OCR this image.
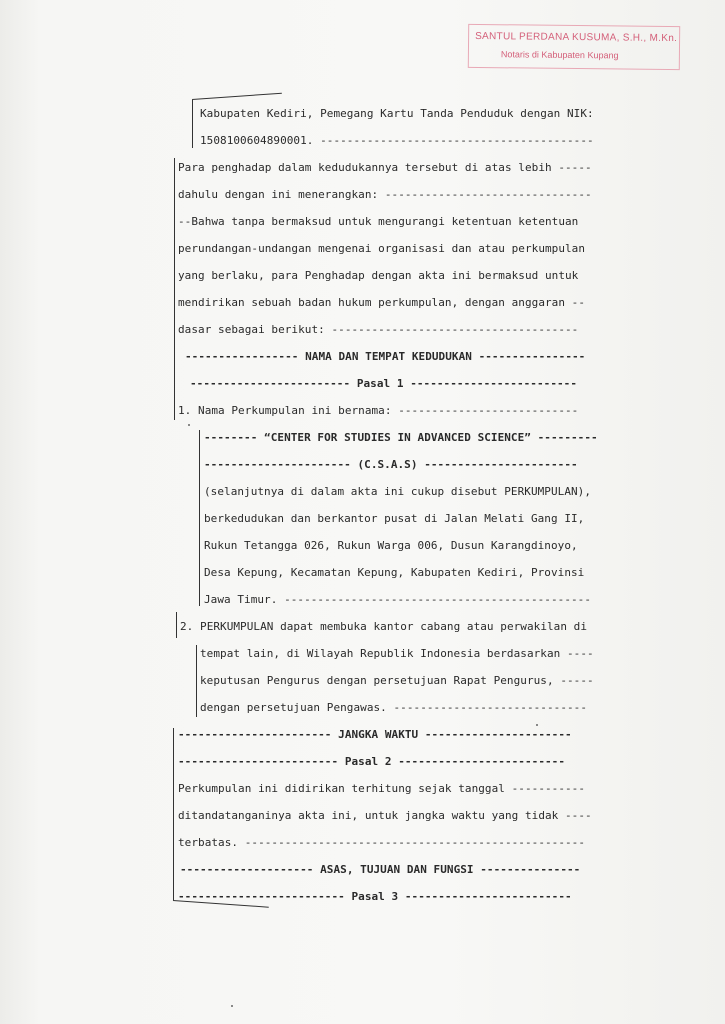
SANTUL PERDANA KUSUMA, S.H., M.Kn.
Notaris di Kabupaten Kupang
Kabupaten Kediri, Pemegang Kartu Tanda Penduduk dengan NIK:
1508100604890001. -----------------------------------------
Para penghadap dalam kedudukannya tersebut di atas lebih -----
dahulu dengan ini menerangkan: -------------------------------
--Bahwa tanpa bermaksud untuk mengurangi ketentuan ketentuan
perundangan-undangan mengenai organisasi dan atau perkumpulan
yang berlaku, para Penghadap dengan akta ini bermaksud untuk
mendirikan sebuah badan hukum perkumpulan, dengan anggaran --
dasar sebagai berikut: -------------------------------------
----------------- NAMA DAN TEMPAT KEDUDUKAN ----------------
------------------------ Pasal 1 -------------------------
1. Nama Perkumpulan ini bernama: ---------------------------
-------- “CENTER FOR STUDIES IN ADVANCED SCIENCE” ---------
---------------------- (C.S.A.S) -----------------------
(selanjutnya di dalam akta ini cukup disebut PERKUMPULAN),
berkedudukan dan berkantor pusat di Jalan Melati Gang II,
Rukun Tetangga 026, Rukun Warga 006, Dusun Karangdinoyo,
Desa Kepung, Kecamatan Kepung, Kabupaten Kediri, Provinsi
Jawa Timur. ----------------------------------------------
2. PERKUMPULAN dapat membuka kantor cabang atau perwakilan di
tempat lain, di Wilayah Republik Indonesia berdasarkan ----
keputusan Pengurus dengan persetujuan Rapat Pengurus, -----
dengan persetujuan Pengawas. -----------------------------
----------------------- JANGKA WAKTU ----------------------
------------------------ Pasal 2 -------------------------
Perkumpulan ini didirikan terhitung sejak tanggal -----------
ditandatanganinya akta ini, untuk jangka waktu yang tidak ----
terbatas. ---------------------------------------------------
-------------------- ASAS, TUJUAN DAN FUNGSI ---------------
------------------------- Pasal 3 -------------------------
